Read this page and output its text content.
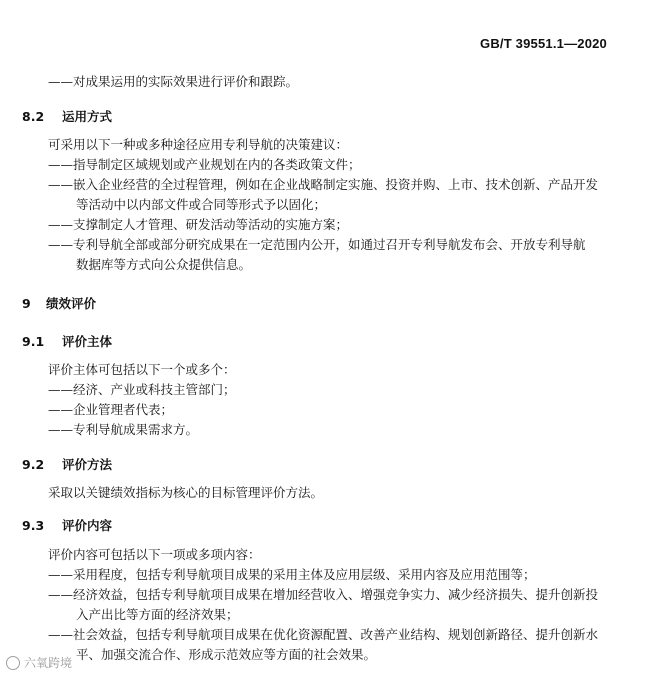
GB/T 39551.1—2020
——对成果运用的实际效果进行评价和跟踪。
8.2 运用方式
可采用以下一种或多种途径应用专利导航的决策建议：
——指导制定区域规划或产业规划在内的各类政策文件；
——嵌入企业经营的全过程管理，例如在企业战略制定实施、投资并购、上市、技术创新、产品开发
等活动中以内部文件或合同等形式予以固化；
——支撑制定人才管理、研发活动等活动的实施方案；
——专利导航全部或部分研究成果在一定范围内公开，如通过召开专利导航发布会、开放专利导航
数据库等方式向公众提供信息。
9 绩效评价
9.1 评价主体
评价主体可包括以下一个或多个：
——经济、产业或科技主管部门；
——企业管理者代表；
——专利导航成果需求方。
9.2 评价方法
采取以关键绩效指标为核心的目标管理评价方法。
9.3 评价内容
评价内容可包括以下一项或多项内容：
——采用程度，包括专利导航项目成果的采用主体及应用层级、采用内容及应用范围等；
——经济效益，包括专利导航项目成果在增加经营收入、增强竞争实力、减少经济损失、提升创新投
入产出比等方面的经济效果；
——社会效益，包括专利导航项目成果在优化资源配置、改善产业结构、规划创新路径、提升创新水
平、加强交流合作、形成示范效应等方面的社会效果。
六氧跨境
